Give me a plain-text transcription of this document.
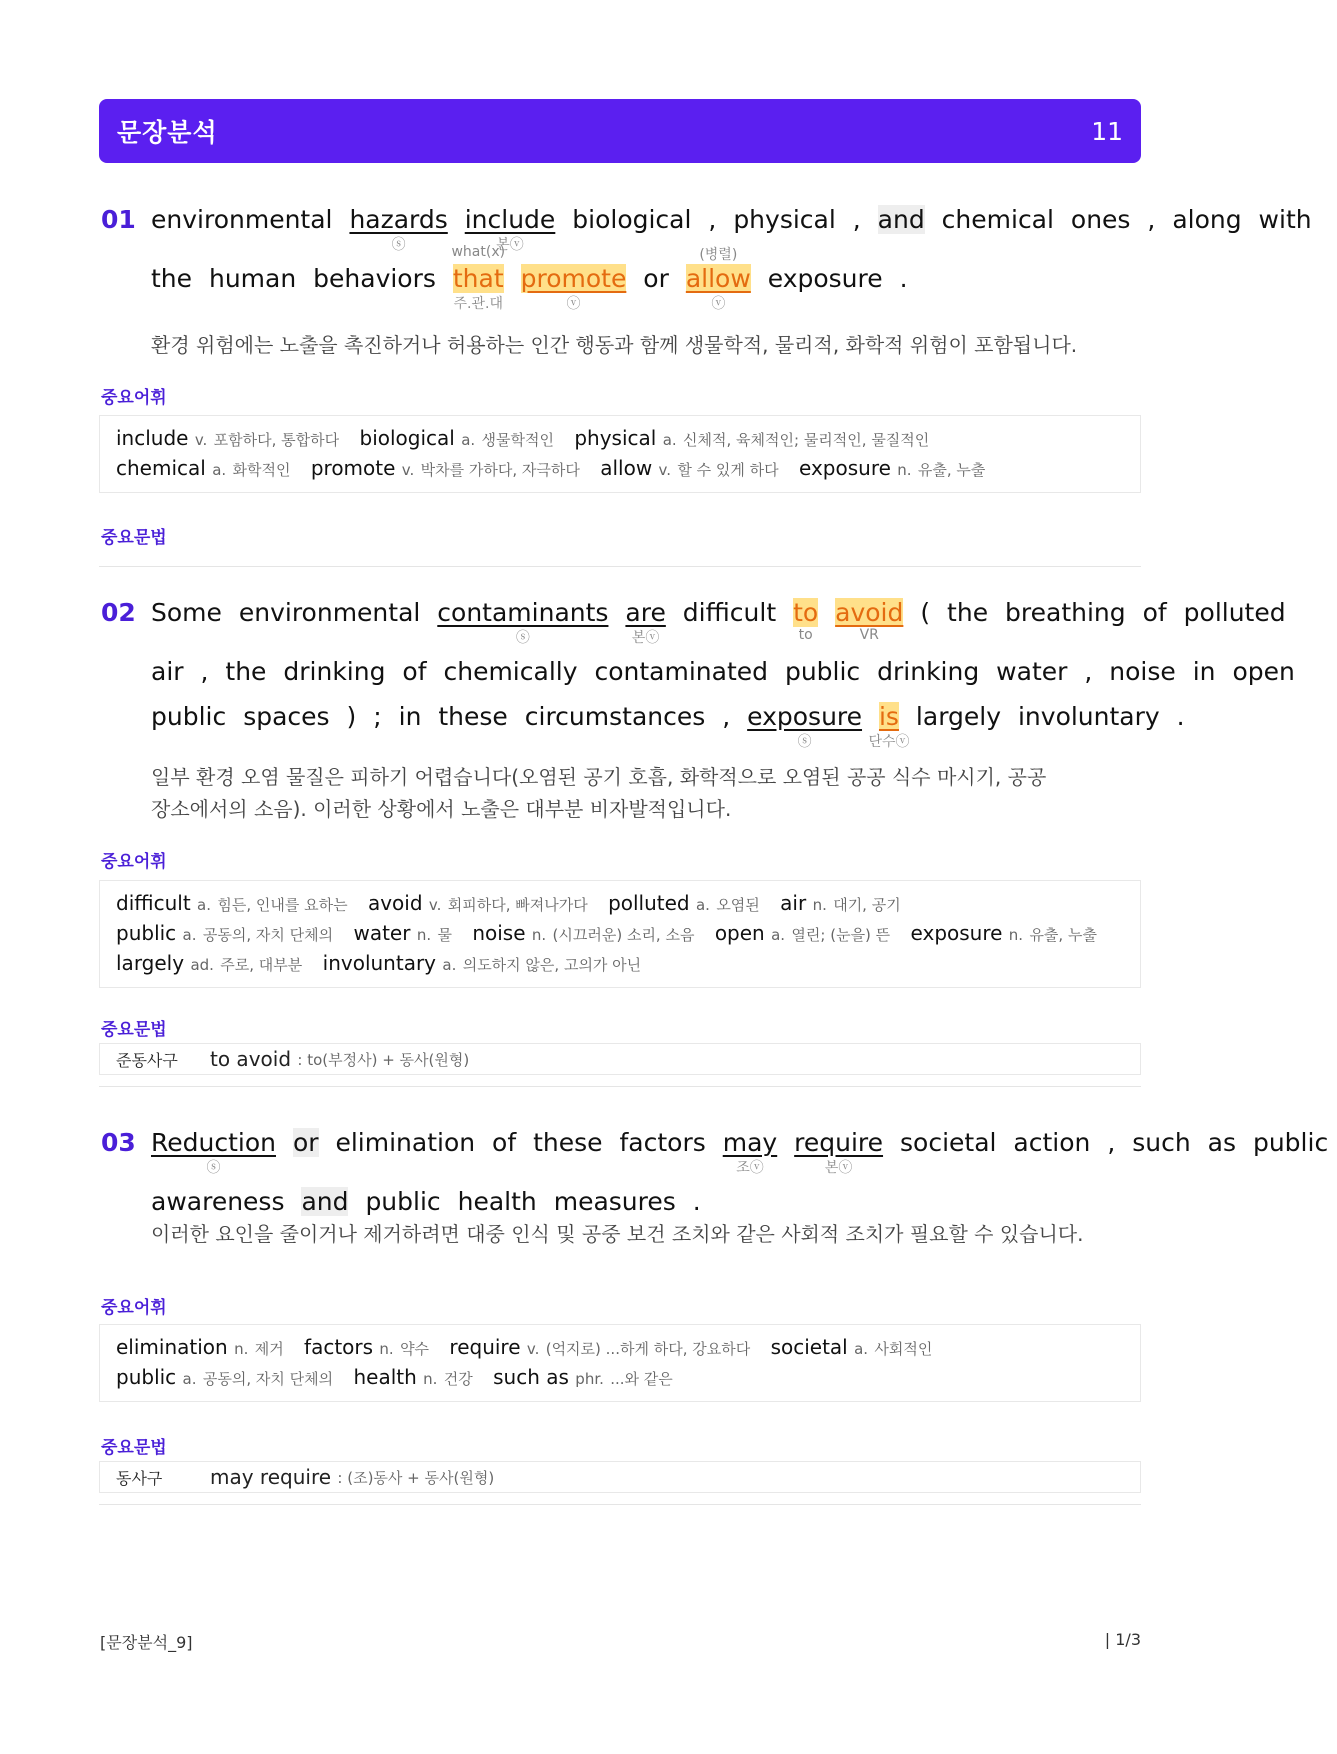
문장분석	11
01 environmental hazards
ⓢ
include
본ⓥ
biological , physical , and chemical ones , along with
the human behaviors
what(x)
that
주.관.대
promote
ⓥ
or
(병렬)
allow
ⓥ
exposure .
환경 위험에는 노출을 촉진하거나 허용하는 인간 행동과 함께 생물학적, 물리적, 화학적 위험이 포함됩니다.
중요어휘
include v. 포함하다, 통합하다 biological a. 생물학적인 physical a. 신체적, 육체적인; 물리적인, 물질적인
chemical a. 화학적인 promote v. 박차를 가하다, 자극하다 allow v. 할 수 있게 하다 exposure n. 유출, 누출
중요문법
02 Some environmental contaminants
ⓢ
are
본ⓥ
difficult to
to
avoid
VR
( the breathing of polluted
air , the drinking of chemically contaminated public drinking water , noise in open
public spaces ) ; in these circumstances , exposure
ⓢ
is
단수ⓥ
largely involuntary .
일부 환경 오염 물질은 피하기 어렵습니다(오염된 공기 호흡, 화학적으로 오염된 공공 식수 마시기, 공공
장소에서의 소음). 이러한 상황에서 노출은 대부분 비자발적입니다.
중요어휘
difficult a. 힘든, 인내를 요하는 avoid v. 회피하다, 빠져나가다 polluted a. 오염된 air n. 대기, 공기
public a. 공동의, 자치 단체의 water n. 물 noise n. (시끄러운) 소리, 소음 open a. 열린; (눈을) 뜬 exposure n. 유출, 누출
largely ad. 주로, 대부분 involuntary a. 의도하지 않은, 고의가 아닌
중요문법
준동사구	to avoid
: to(부정사) + 동사(원형)
03 Reduction
ⓢ
or elimination of these factors may
조ⓥ
require
본ⓥ
societal action , such as public
awareness and public health measures .
이러한 요인을 줄이거나 제거하려면 대중 인식 및 공중 보건 조치와 같은 사회적 조치가 필요할 수 있습니다.
중요어휘
elimination n. 제거 factors n. 약수 require v. (억지로) ...하게 하다, 강요하다 societal a. 사회적인
public a. 공동의, 자치 단체의 health n. 건강 such as phr. ...와 같은
중요문법
동사구	may require
: (조)동사 + 동사(원형)
[문장분석_9]	| 1/3
